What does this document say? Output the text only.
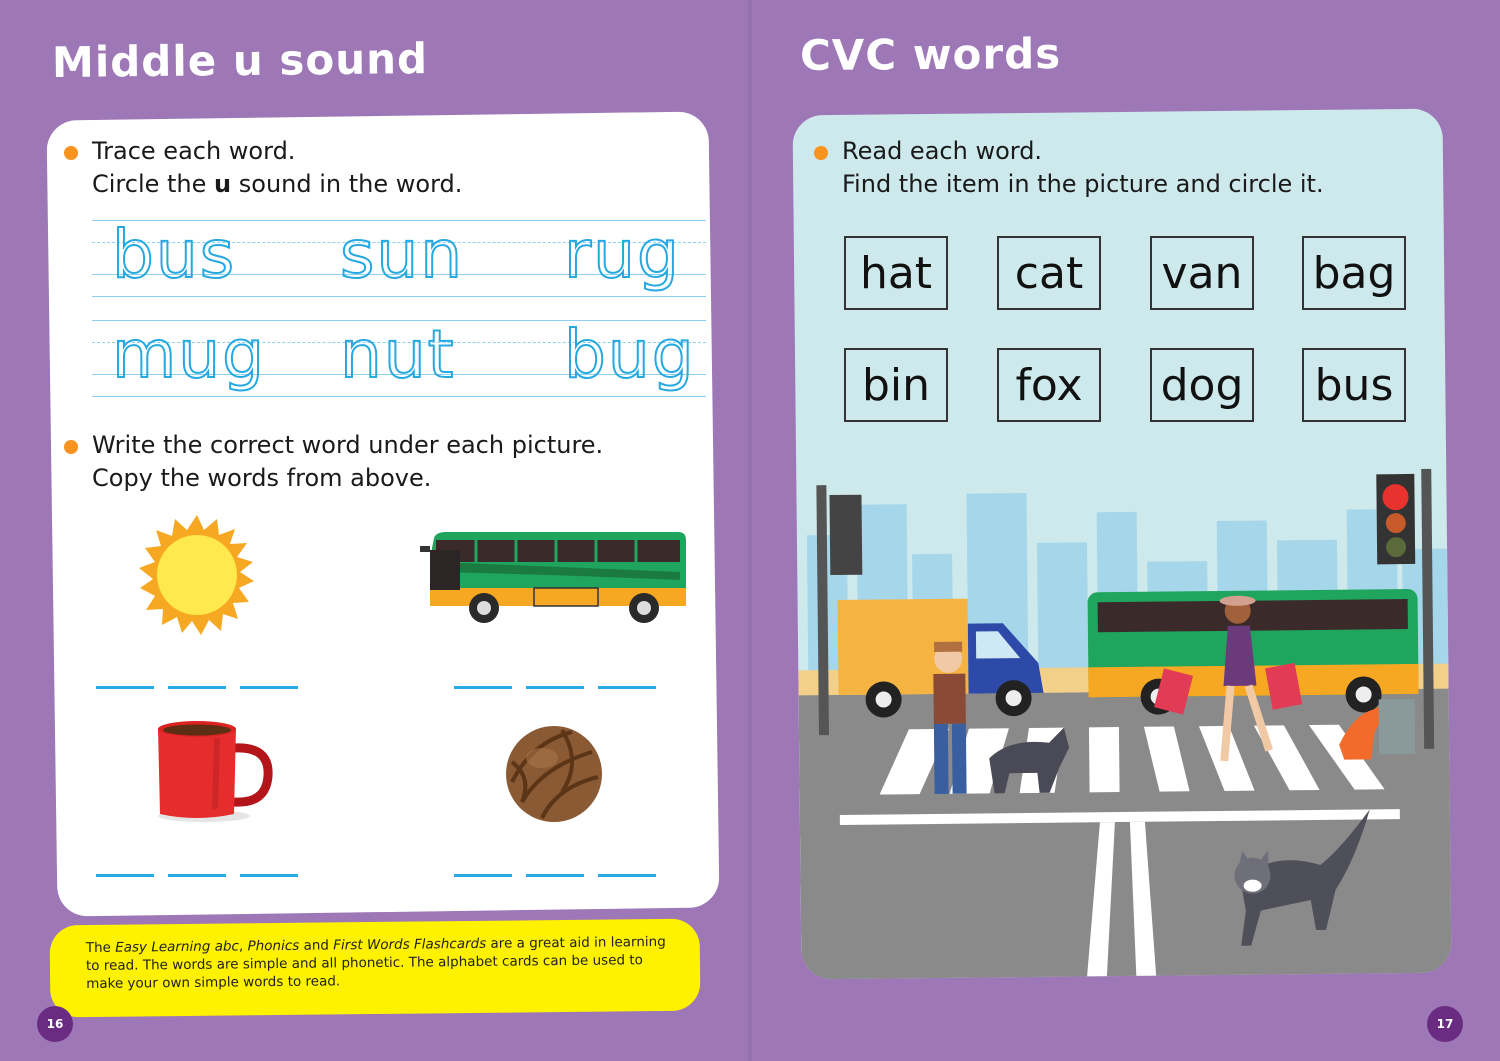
Middle u sound
Trace each word.
Circle the u sound in the word.
bus sun rug
mug nut bug
Write the correct word under each picture.
Copy the words from above.
The Easy Learning abc, Phonics and First Words Flashcards are a great aid in learning to read. The words are simple and all phonetic. The alphabet cards can be used to make your own simple words to read.
16
CVC words
Read each word.
Find the item in the picture and circle it.
hat	cat	van bag
bin	fox	dog bus
17
